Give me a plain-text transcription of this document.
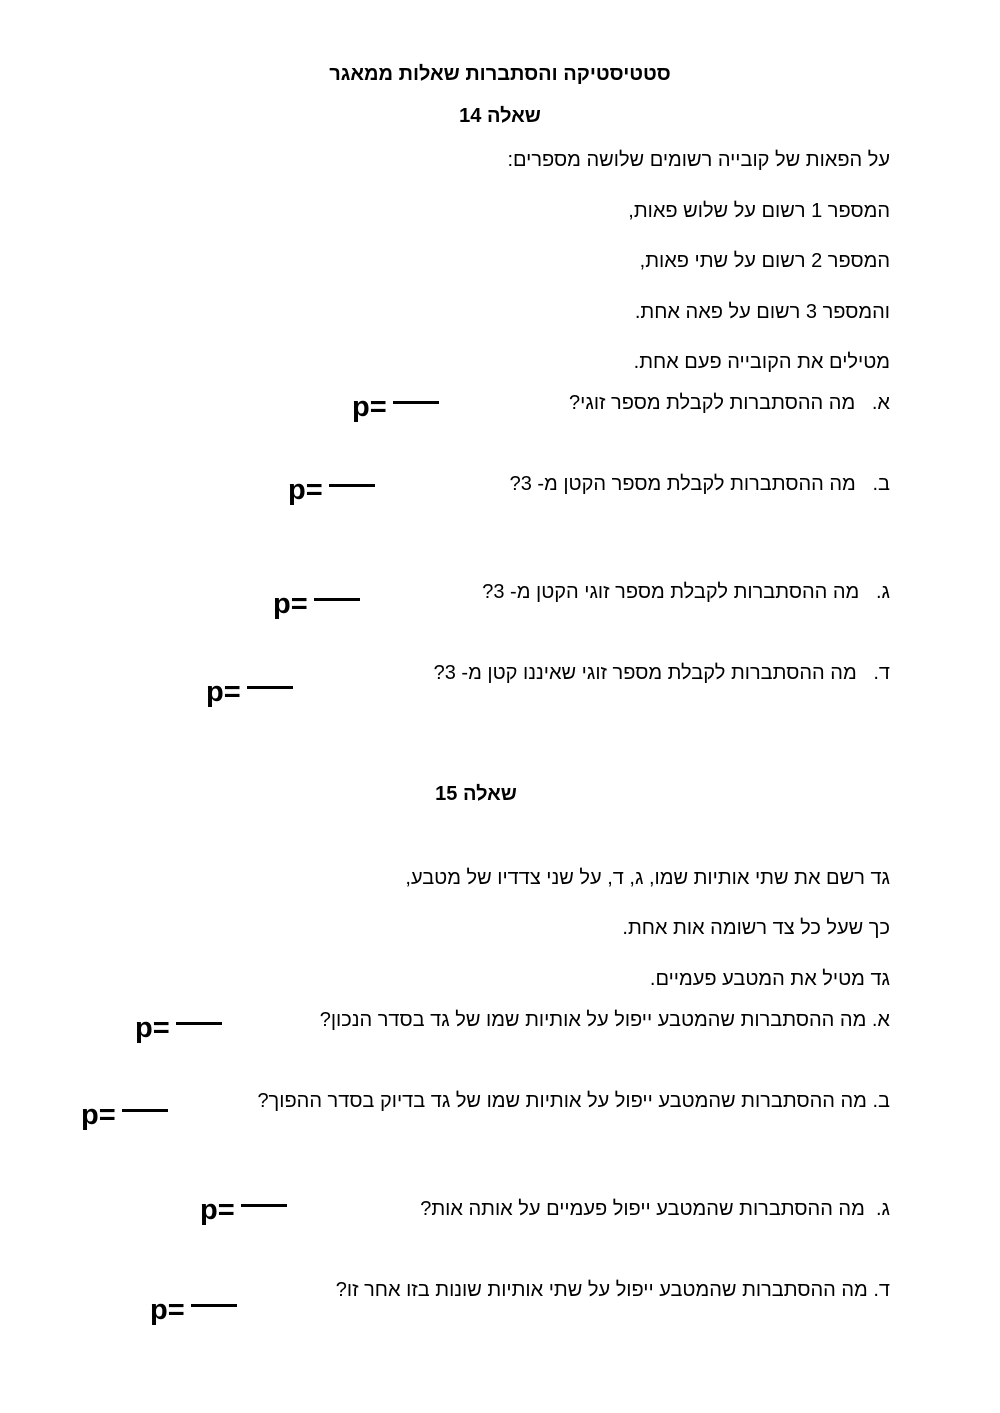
סטטיסטיקה והסתברות שאלות ממאגר
שאלה 14
על הפאות של קובייה רשומים שלושה מספרים:
המספר 1 רשום על שלוש פאות,
המספר 2 רשום על שתי פאות,
והמספר 3 רשום על פאה אחת.
מטילים את הקובייה פעם אחת.
א.   מה ההסתברות לקבלת מספר זוגי?
p=
ב.   מה ההסתברות לקבלת מספר הקטן מ- 3?
p=
ג.   מה ההסתברות לקבלת מספר זוגי הקטן מ- 3?
p=
ד.   מה ההסתברות לקבלת מספר זוגי שאיננו קטן מ- 3?
p=
שאלה 15
גד רשם את שתי אותיות שמו, ג, ד, על שני צדדיו של מטבע,
כך שעל כל צד רשומה אות אחת.
גד מטיל את המטבע פעמיים.
א. מה ההסתברות שהמטבע ייפול על אותיות שמו של גד בסדר הנכון?
p=
ב. מה ההסתברות שהמטבע ייפול על אותיות שמו של גד בדיוק בסדר ההפוך?
p=
ג.  מה ההסתברות שהמטבע ייפול פעמיים על אותה אות?
p=
ד. מה ההסתברות שהמטבע ייפול על שתי אותיות שונות בזו אחר זו?
p=
